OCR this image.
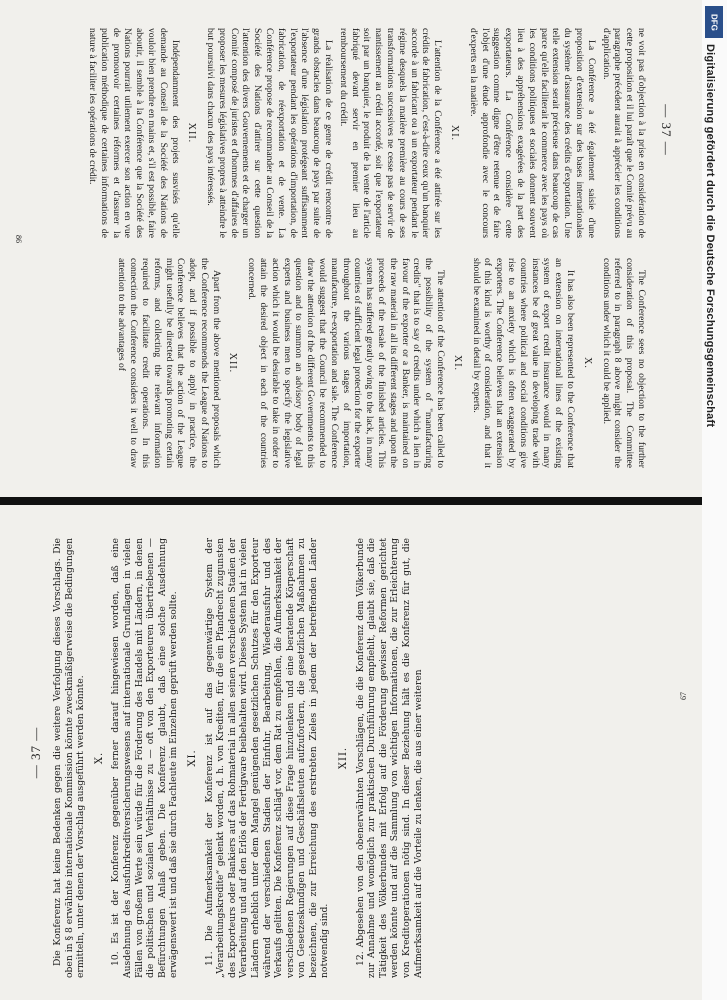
— 37 —

ne voit pas d'objection à la prise en considération de cette proposition et il lui paraît que le Comité prévu au paragraphe précédent aurait à apprécier les conditions d'application.

La Conférence a été également saisie d'une proposition d'extension sur des bases internationales du système d'assurance des crédits d'exportation. Une telle extension serait précieuse dans beaucoup de cas parce qu'elle faciliterait le commerce avec les pays où les conditions politiques et sociales donnent souvent lieu à des appréhensions exagérées de la part des exportateurs. La Conférence considère cette suggestion comme digne d'être retenue et de faire l'objet d'une étude approfondie avec le concours d'experts en la matière.

XI.

L'attention de la Conférence a été attirée sur les crédits de fabrication, c'est-à-dire ceux qu'un banquier accorde à un fabricant ou à un exportateur pendant le régime desquels la matière première au cours de ses transformations successives ne cesse pas de servir de nantissement au crédit accordé, soit que l'exportateur soit par un banquier, le produit de la vente de l'article fabriqué devant servir en premier lieu au remboursement du crédit.

La réalisation de ce genre de crédit rencontre de grands obstacles dans beaucoup de pays par suite de l'absence d'une législation protégeant suffisamment l'exportateur pendant les opérations d'importation, de fabrication, de réexportation et de vente. La Conférence propose de recommander au Conseil de la Société des Nations d'attirer sur cette question l'attention des divers Gouvernements et de charger un Comité composé de juristes et d'hommes d'affaires de proposer les mesures législatives propres à atteindre le but poursuivi dans chacun des pays intéressés.

XII.

Indépendamment des projets susvisés qu'elle demande au Conseil de la Société des Nations de vouloir bien prendre en mains et, s'il est possible, faire aboutir, il semble à la Conférence que la Société des Nations pourrait utilement exercer son action en vue de promouvoir certaines réformes et d'assurer la publication méthodique de certaines informations de nature à faciliter les opérations de crédit.

The Conference sees no objection to the further consideration of this proposal. The Committee referred to in paragraph 8 above might consider the conditions under which it could be applied.

X.

It has also been represented to the Conference that an extension on international lines of the existing system of export credit insurance would in many instances be of great value in developing trade with countries where political and social conditions give rise to an anxiety which is often exaggerated by exporters. The Conference believes that an extension of this kind is worthy of consideration, and that it should be examined in detail by experts.

XI.

The attention of the Conference has been called to the possibility of the system of "manufacturing credits" that is to say of credits under which a lien in favour of the exporter or a Banker, is maintained on the raw material in all its different stages and upon the proceeds of the resale of the finished articles. This system has suffered greatly owing to the lack, in many countries of sufficient legal protection for the exporter throughout the various stages of importation, manufacture, re-exportation and sale. The Conference would suggest that the Council be recommended to draw the attention of the different Governments to this question and to summon an advisory body of legal experts and business men to specify the legislative action which it would be desirable to take in order to attain the desired object in each of the countries concerned.

XII.

Apart from the above mentioned proposals which the Conference recommends the League of Nations to adopt, and if possible to apply in practice, the Conference believes that the action of the League might usefully be directed towards promoting certain reforms, and collecting the relevant information required to facilitate credit operations. In this connection the Conference considers it well to draw attention to the advantages of

86
— 37 — Die Konferenz hat keine Bedenken gegen die weitere Verfolgung dieses Vorschlags. Die oben in § 8 erwähnte internationale Kommission könnte zweckmäßigerweise die Bedingungen ermitteln, unter denen der Vorschlag ausgeführt werden könnte. X. 10. Es ist der Konferenz gegenüber ferner darauf hingewiesen worden, daß eine Ausdehnung des Ausfuhrkreditversicherungswesens auf internationale Grundlagen in vielen Fällen von großem Werte sein würde für die Förderung des Handels mit Ländern, in denen die politischen und sozialen Verhältnisse zu — oft von den Exporteuren übertriebenen — Befürchtungen Anlaß geben. Die Konferenz glaubt, daß eine solche Ausdehnung erwägenswert ist und daß sie durch Fachleute im Einzelnen geprüft werden sollte. XI. 11. Die Aufmerksamkeit der Konferenz ist auf das gegenwärtige System der „Verarbeitungskredite“ gelenkt worden, d. h. von Krediten, für die ein Pfandrecht zugunsten des Exporteurs oder Bankiers auf das Rohmaterial in allen seinen verschiedenen Stadien der Verarbeitung und auf den Erlös der Fertigware beibehalten wird. Dieses System hat in vielen Ländern erheblich unter dem Mangel genügenden gesetzlichen Schutzes für den Exporteur während der verschiedenen Stadien der Einfuhr, Bearbeitung, Wiederausfuhr und des Verkaufs gelitten. Die Konferenz schlägt vor, dem Rat zu empfehlen, die Aufmerksamkeit der verschiedenen Regierungen auf diese Frage hinzulenken und eine beratende Körperschaft von Gesetzeskundigen und Geschäftsleuten aufzufordern, die gesetzlichen Maßnahmen zu bezeichnen, die zur Erreichung des erstrebten Zieles in jedem der betreffenden Länder notwendig sind.

XII. 12. Abgesehen von den obenerwähnten Vorschlägen, die die Konferenz dem Völkerbunde zur Annahme und womöglich zur praktischen Durchführung empfiehlt, glaubt sie, daß die Tätigkeit des Völkerbundes mit Erfolg auf die Förderung gewisser Reformen gerichtet werden könnte und auf die Sammlung von wichtigen Informationen, die zur Erleichterung von Kreditoperationen nötig sind. In dieser Beziehung hält es die Konferenz für gut, die Aufmerksamkeit auf die Vorteile zu lenken, die aus einer weiteren	67
DFG
Digitalisierung gefördert durch die Deutsche Forschungsgemeinschaft
